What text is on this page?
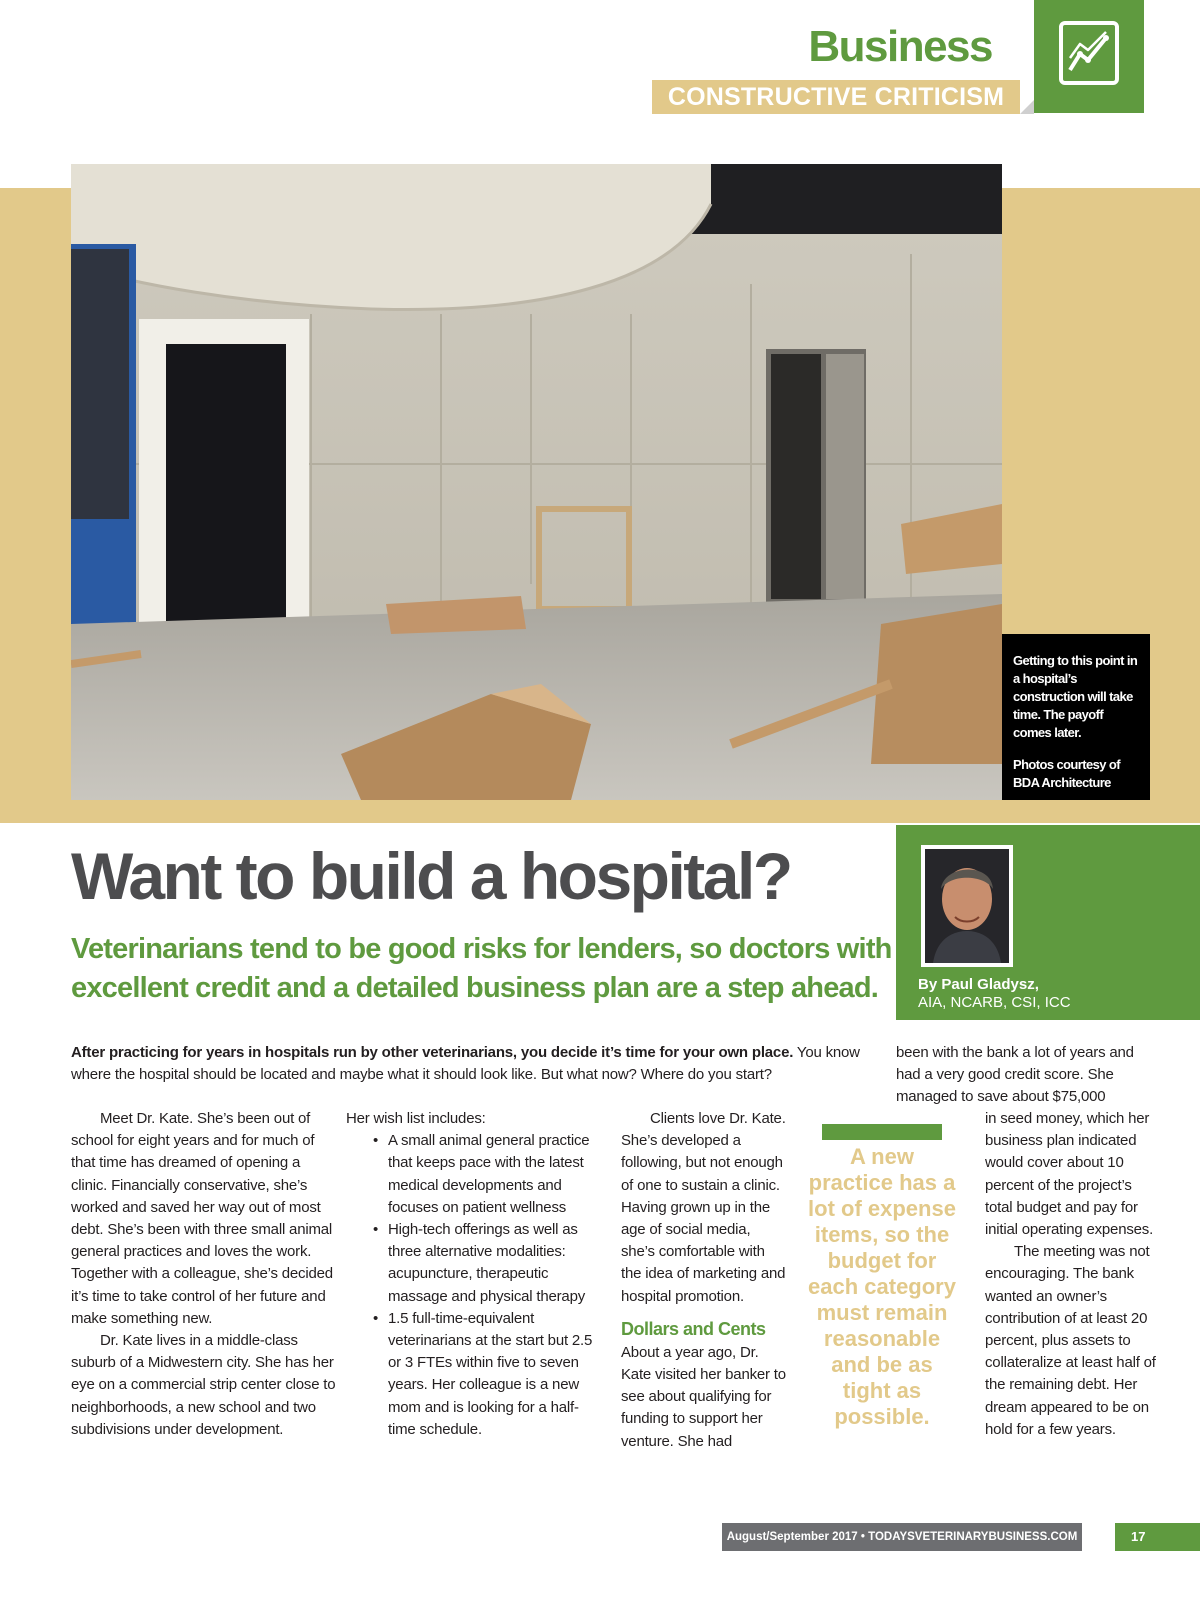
Business
CONSTRUCTIVE CRITICISM

Getting to this point in a hospital’s construction will take time. The payoff comes later.

Photos courtesy of BDA Architecture

Want to build a hospital?
Veterinarians tend to be good risks for lenders, so doctors with excellent credit and a detailed business plan are a step ahead.	By Paul Gladysz,
AIA, NCARB, CSI, ICC
After practicing for years in hospitals run by other veterinarians, you decide it’s time for your own place. You know where the hospital should be located and maybe what it should look like. But what now? Where do you start?

Meet Dr. Kate. She’s been out of school for eight years and for much of that time has dreamed of opening a clinic. Financially conservative, she’s worked and saved her way out of most debt. She’s been with three small animal general practices and loves the work. Together with a colleague, she’s decided it’s time to take control of her future and make something new.

Dr. Kate lives in a middle-class suburb of a Midwestern city. She has her eye on a commercial strip center close to neighborhoods, a new school and two subdivisions under development.

Her wish list includes:

• A small animal general practice that keeps pace with the latest medical developments and focuses on patient wellness
• High-tech offerings as well as three alternative modalities: acupuncture, therapeutic massage and physical therapy
• 1.5 full-time-equivalent veterinarians at the start but 2.5 or 3 FTEs within five to seven years. Her colleague is a new mom and is looking for a half-time schedule.

Clients love Dr. Kate. She’s developed a following, but not enough of one to sustain a clinic. Having grown up in the age of social media, she’s comfortable with the idea of marketing and hospital promotion.

Dollars and Cents

About a year ago, Dr. Kate visited her banker to see about qualifying for funding to support her venture. She had

A new practice has a lot of expense items, so the budget for each category must remain reasonable and be as tight as possible.

been with the bank a lot of years and had a very good credit score. She managed to save about $75,000

in seed money, which her business plan indicated would cover about 10 percent of the project’s total budget and pay for initial operating expenses.

The meeting was not encouraging. The bank wanted an owner’s contribution of at least 20 percent, plus assets to collateralize at least half of the remaining debt. Her dream appeared to be on hold for a few years.

August/September 2017 • TODAYSVETERINARYBUSINESS.COM	17
